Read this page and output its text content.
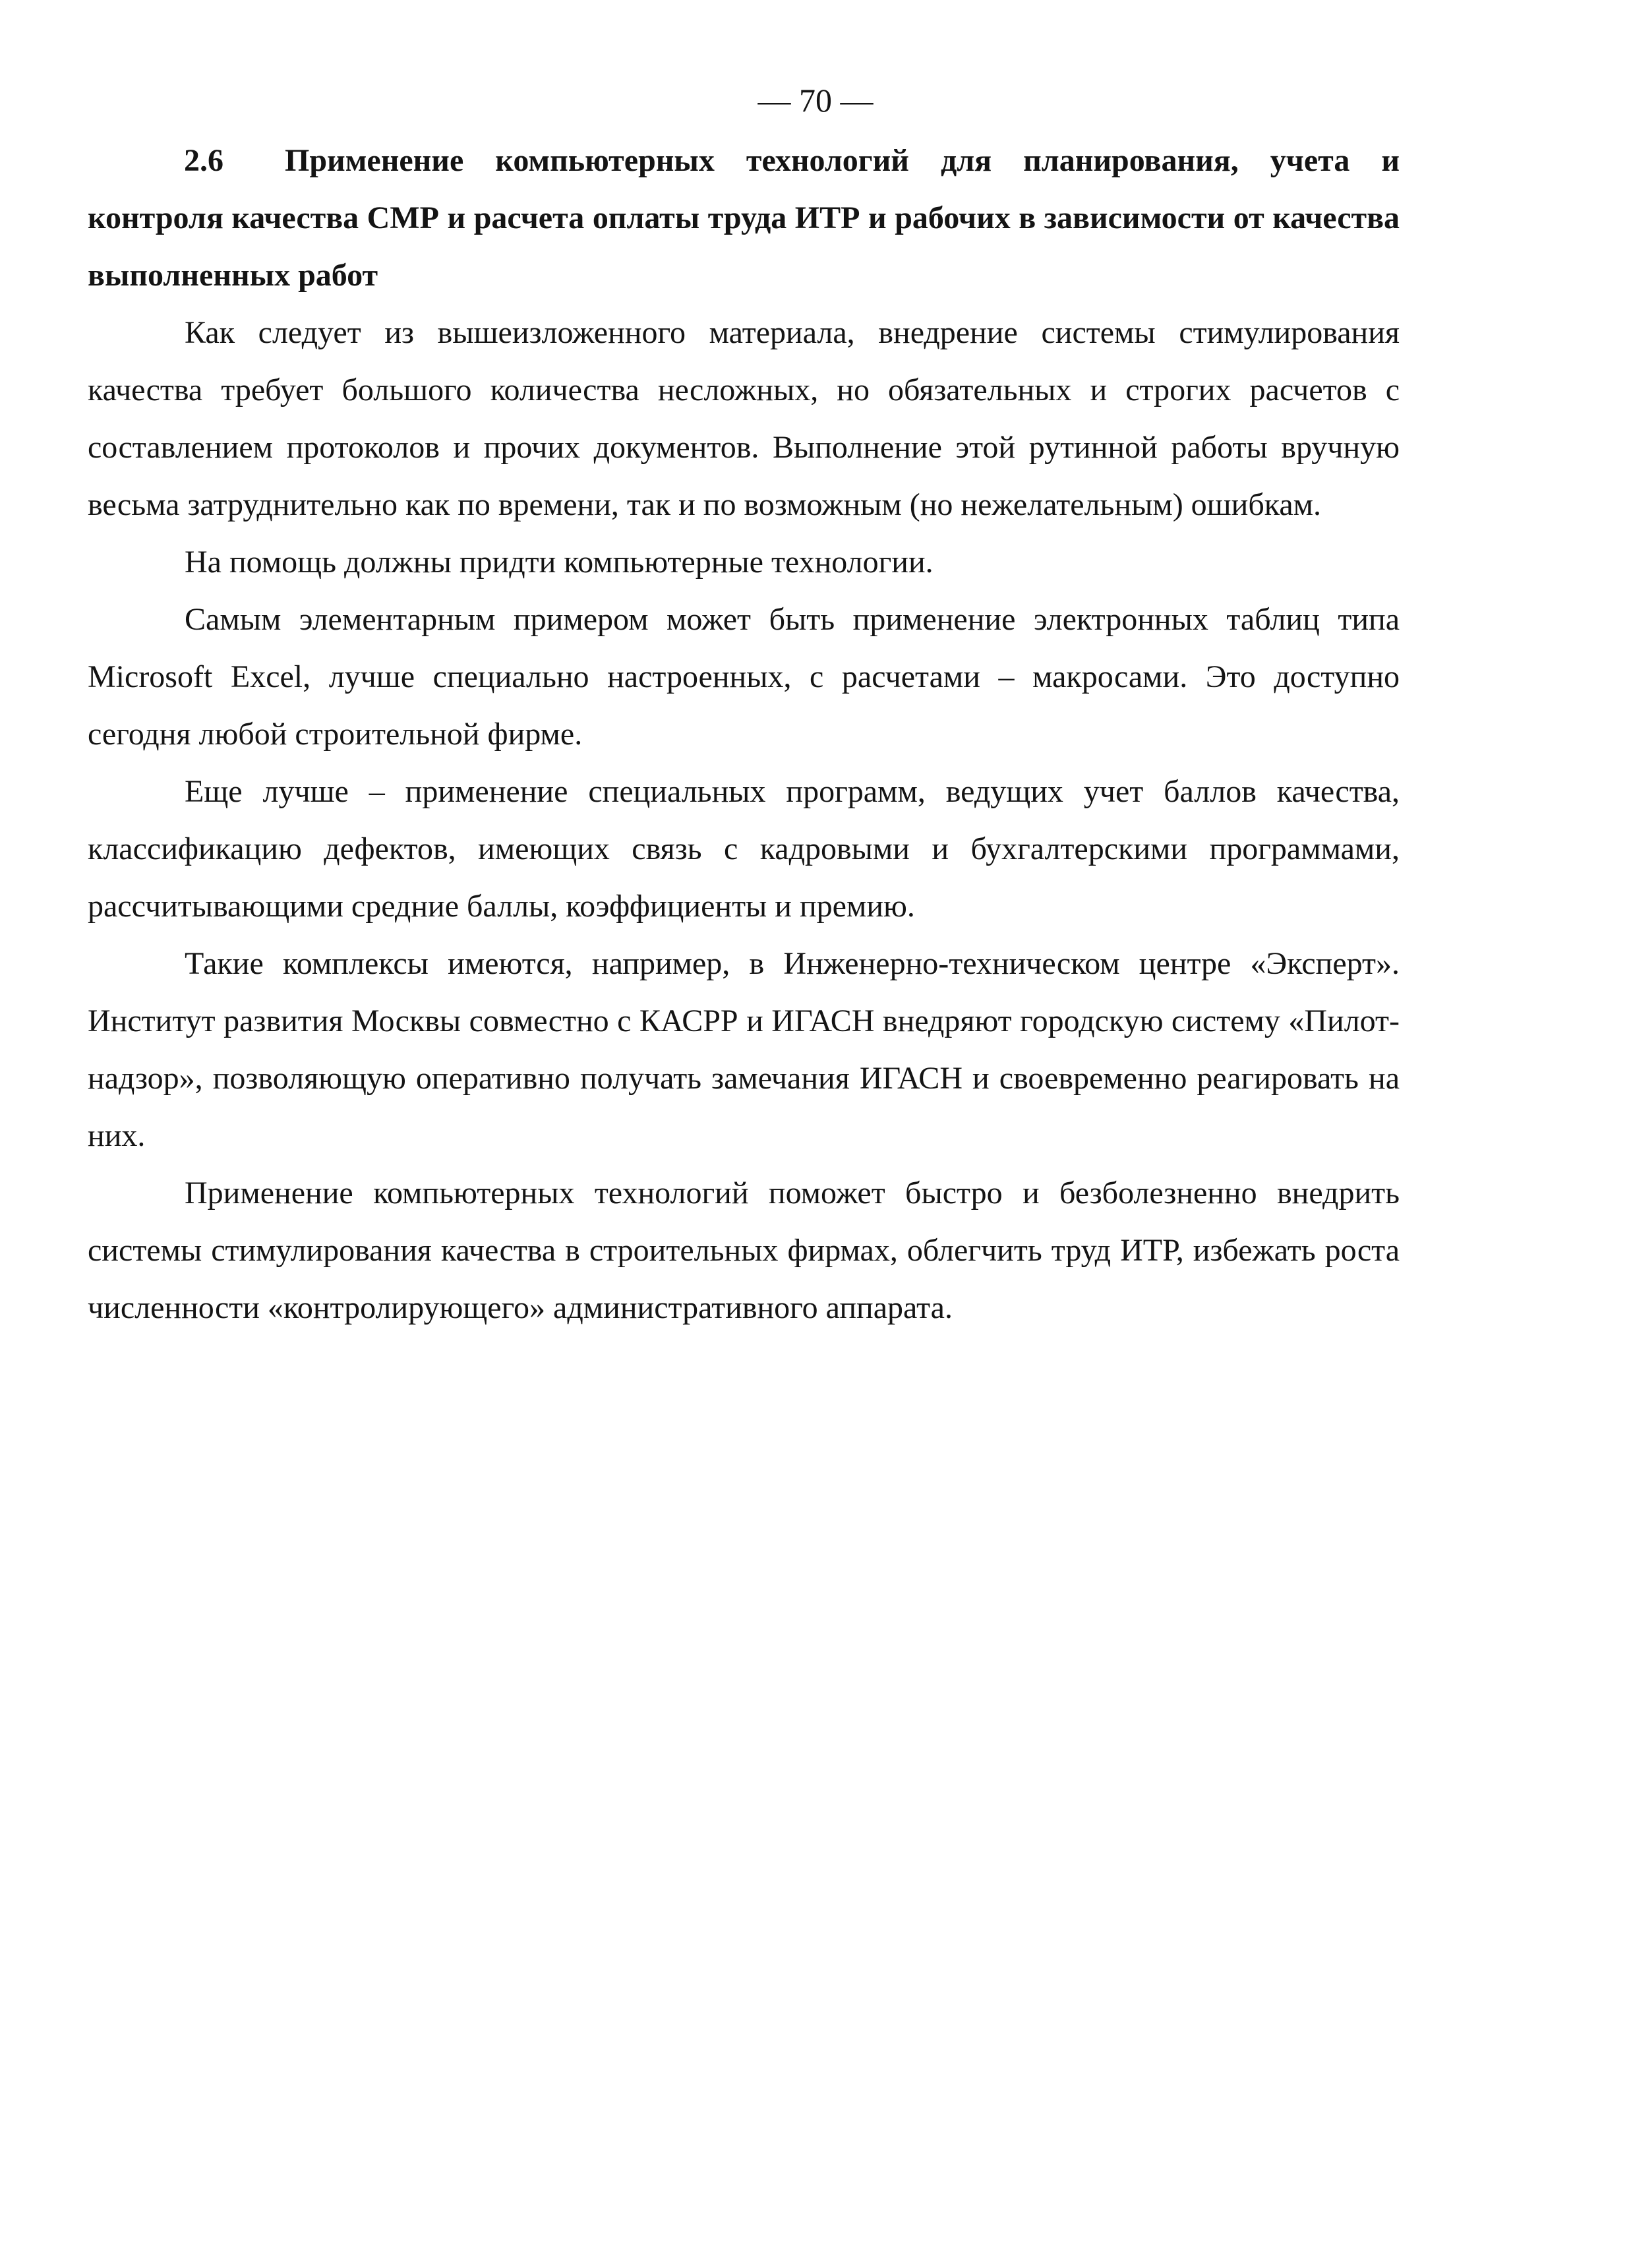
— 70 —

2.6 Применение компьютерных технологий для планирования, учета и контроля качества СМР и расчета оплаты труда ИТР и рабочих в зависимости от качества выполненных работ

Как следует из вышеизложенного материала, внедрение системы стимулирования качества требует большого количества несложных, но обязательных и строгих расчетов с составлением протоколов и прочих документов. Выполнение этой рутинной работы вручную весьма затруднительно как по времени, так и по возможным (но нежелательным) ошибкам.

На помощь должны придти компьютерные технологии.

Самым элементарным примером может быть применение электронных таблиц типа Microsoft Excel, лучше специально настроенных, с расчетами – макросами. Это доступно сегодня любой строительной фирме.

Еще лучше – применение специальных программ, ведущих учет баллов качества, классификацию дефектов, имеющих связь с кадровыми и бухгалтерскими программами, рассчитывающими средние баллы, коэффициенты и премию.

Такие комплексы имеются, например, в Инженерно-техническом центре «Эксперт». Институт развития Москвы совместно с КАСРР и ИГАСН внедряют городскую систему «Пилот-надзор», позволяющую оперативно получать замечания ИГАСН и своевременно реагировать на них.

Применение компьютерных технологий поможет быстро и безболезненно внедрить системы стимулирования качества в строительных фирмах, облегчить труд ИТР, избежать роста численности «контролирующего» административного аппарата.
